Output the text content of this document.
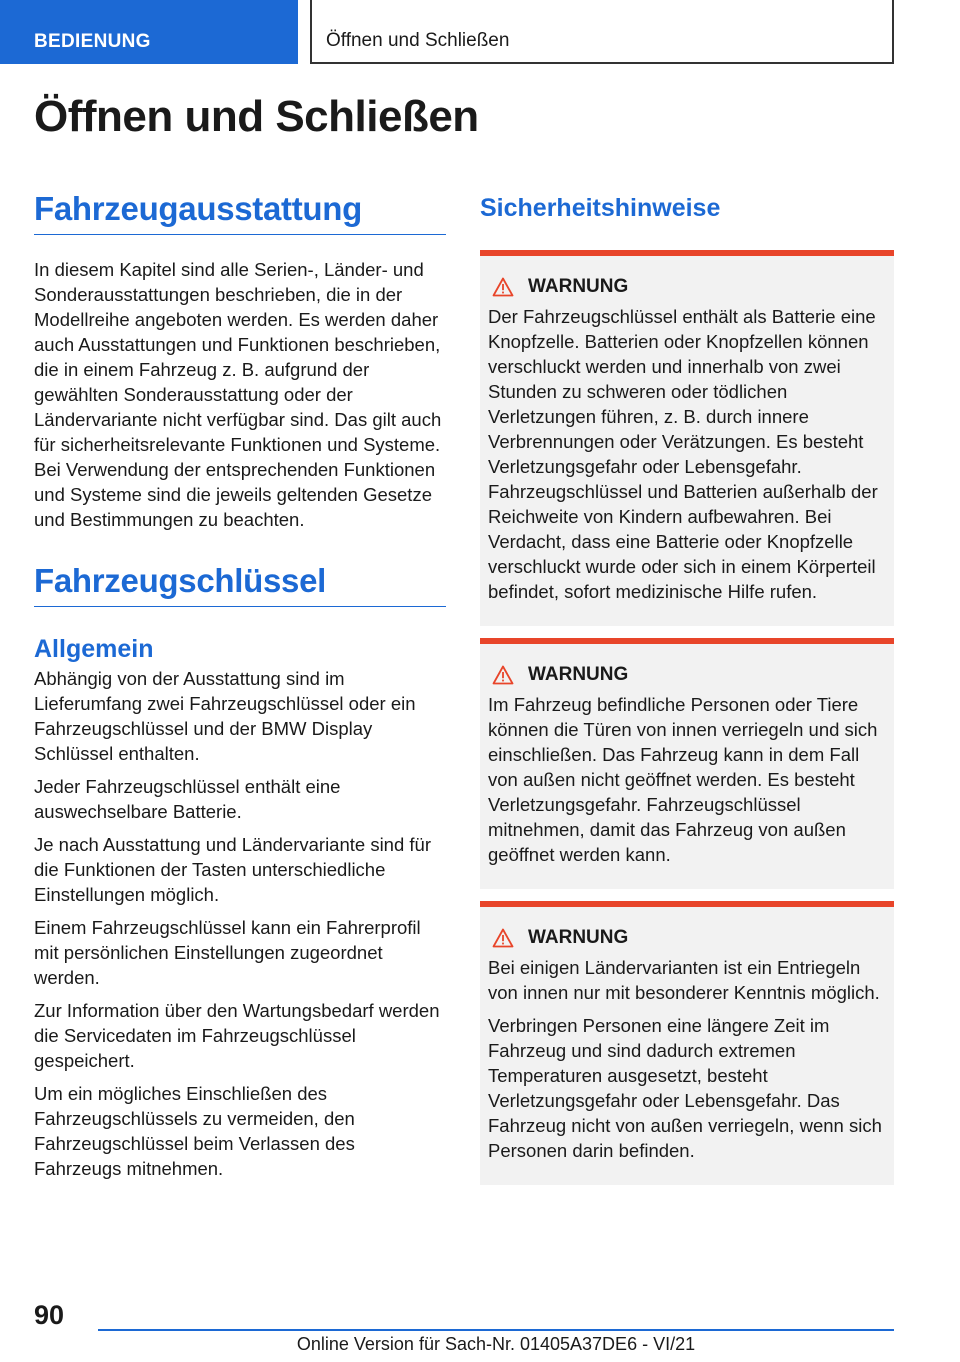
BEDIENUNG	Öffnen und Schließen
Öffnen und Schließen
Fahrzeugausstattung

In diesem Kapitel sind alle Serien-, Länder- und Sonderausstattungen beschrieben, die in der Modellreihe angeboten werden. Es werden daher auch Ausstattungen und Funktionen beschrieben, die in einem Fahrzeug z. B. aufgrund der gewählten Sonderausstattung oder der Ländervariante nicht verfügbar sind. Das gilt auch für sicherheitsrelevante Funktionen und Systeme. Bei Verwendung der entsprechenden Funktionen und Systeme sind die jeweils geltenden Gesetze und Bestimmungen zu beachten.

Fahrzeugschlüssel
Allgemein

Abhängig von der Ausstattung sind im Lieferumfang zwei Fahrzeugschlüssel oder ein Fahrzeugschlüssel und der BMW Display Schlüssel enthalten.

Jeder Fahrzeugschlüssel enthält eine auswechselbare Batterie.

Je nach Ausstattung und Ländervariante sind für die Funktionen der Tasten unterschiedliche Einstellungen möglich.

Einem Fahrzeugschlüssel kann ein Fahrerprofil mit persönlichen Einstellungen zugeordnet werden.

Zur Information über den Wartungsbedarf werden die Servicedaten im Fahrzeugschlüssel gespeichert.

Um ein mögliches Einschließen des Fahrzeugschlüssels zu vermeiden, den Fahrzeugschlüssel beim Verlassen des Fahrzeugs mitnehmen.

Sicherheitshinweise
WARNUNG

Der Fahrzeugschlüssel enthält als Batterie eine Knopfzelle. Batterien oder Knopfzellen können verschluckt werden und innerhalb von zwei Stunden zu schweren oder tödlichen Verletzungen führen, z. B. durch innere Verbrennungen oder Verätzungen. Es besteht Verletzungsgefahr oder Lebensgefahr. Fahrzeugschlüssel und Batterien außerhalb der Reichweite von Kindern aufbewahren. Bei Verdacht, dass eine Batterie oder Knopfzelle verschluckt wurde oder sich in einem Körperteil befindet, sofort medizinische Hilfe rufen.

WARNUNG

Im Fahrzeug befindliche Personen oder Tiere können die Türen von innen verriegeln und sich einschließen. Das Fahrzeug kann in dem Fall von außen nicht geöffnet werden. Es besteht Verletzungsgefahr. Fahrzeugschlüssel mitnehmen, damit das Fahrzeug von außen geöffnet werden kann.

WARNUNG

Bei einigen Ländervarianten ist ein Entriegeln von innen nur mit besonderer Kenntnis möglich.

Verbringen Personen eine längere Zeit im Fahrzeug und sind dadurch extremen Temperaturen ausgesetzt, besteht Verletzungsgefahr oder Lebensgefahr. Das Fahrzeug nicht von außen verriegeln, wenn sich Personen darin befinden.

90
Online Version für Sach-Nr. 01405A37DE6 - VI/21
